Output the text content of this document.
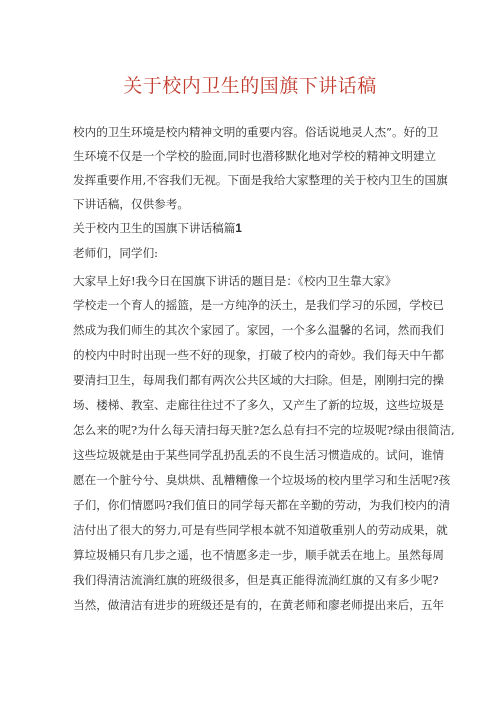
关于校内卫生的国旗下讲话稿
校内的卫生环境是校内精神文明的重要内容。俗话说地灵人杰”。好的卫
生环境不仅是一个学校的脸面,同时也潜移默化地对学校的精神文明建立
发挥重要作用,不容我们无视。下面是我给大家整理的关于校内卫生的国旗
下讲话稿，仅供参考。
关于校内卫生的国旗下讲话稿篇1
老师们，同学们:
大家早上好!我今日在国旗下讲话的题目是：《校内卫生靠大家》
学校走一个育人的摇篮，是一方纯净的沃土，是我们学习的乐园，学校已
然成为我们师生的其次个家园了。家园，一个多么温馨的名词，然而我们
的校内中时时出现一些不好的现象，打破了校内的奇妙。我们每天中午都
要清扫卫生，每周我们都有两次公共区域的大扫除。但是，刚刚扫完的操
场、楼梯、教室、走廊往往过不了多久，又产生了新的垃圾，这些垃圾是
怎么来的呢?为什么每天清扫每天脏?怎么总有扫不完的垃圾呢?绿由很简洁,
这些垃圾就是由于某些同学乱扔乱丢的不良生活习惯造成的。试问，谁情
愿在一个脏兮兮、臭烘烘、乱糟糟像一个垃圾场的校内里学习和生活呢?孩
子们，你们情愿吗?我们值日的同学每天都在辛勤的劳动，为我们校内的清
洁付出了很大的努力,可是有些同学根本就不知道敬重别人的劳动成果，就
算垃圾桶只有几步之遥，也不情愿多走一步，顺手就丢在地上。虽然每周
我们得清洁流淌红旗的班级很多，但是真正能得流淌红旗的又有多少呢?
当然，做清洁有进步的班级还是有的，在黄老师和廖老师提出来后，五年
